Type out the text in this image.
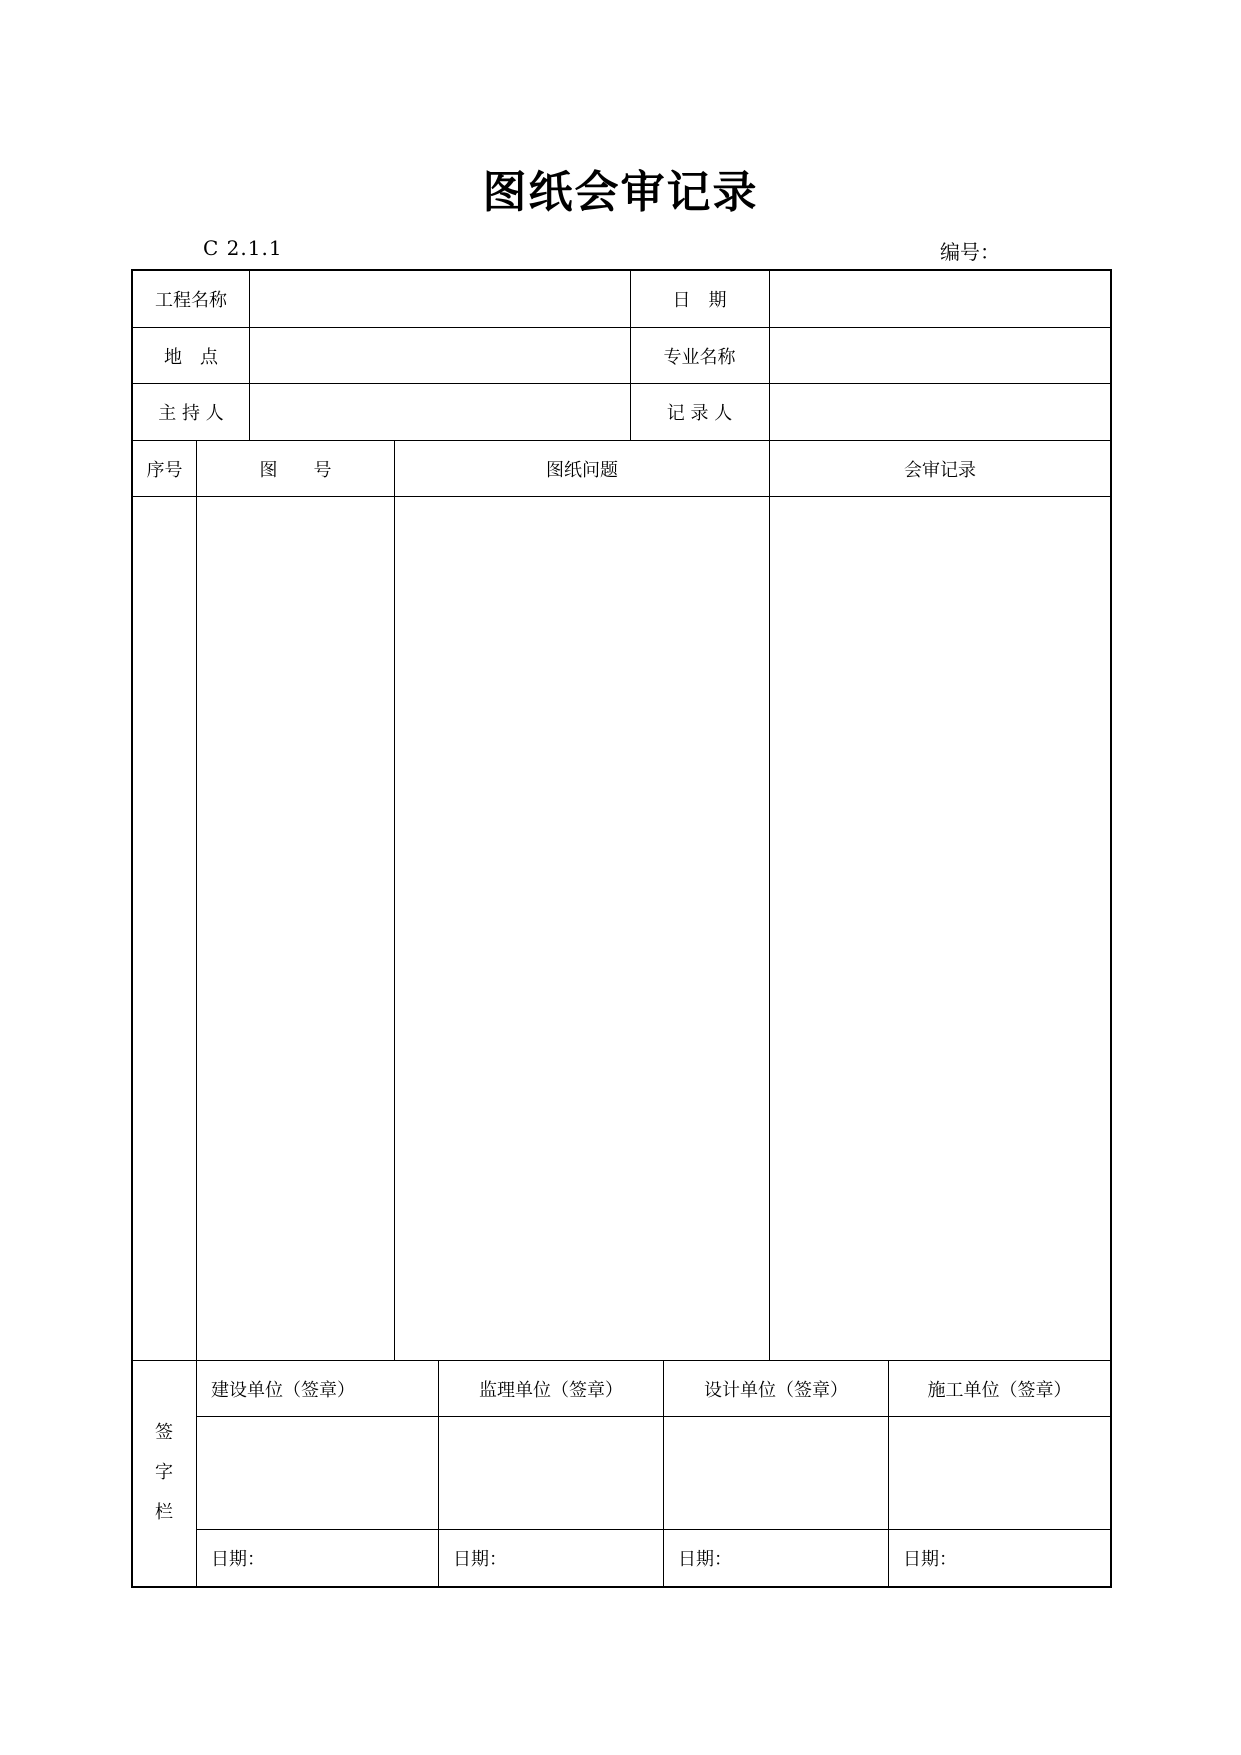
图纸会审记录
C 2.1.1	编号：
工程名称	日　期
地　点	专业名称
主 持 人	记 录 人
序号	图　　号	图纸问题	会审记录
签
字
栏
建设单位（签章）	监理单位（签章）	设计单位（签章）	施工单位（签章）
日期：	日期：	日期：	日期：
